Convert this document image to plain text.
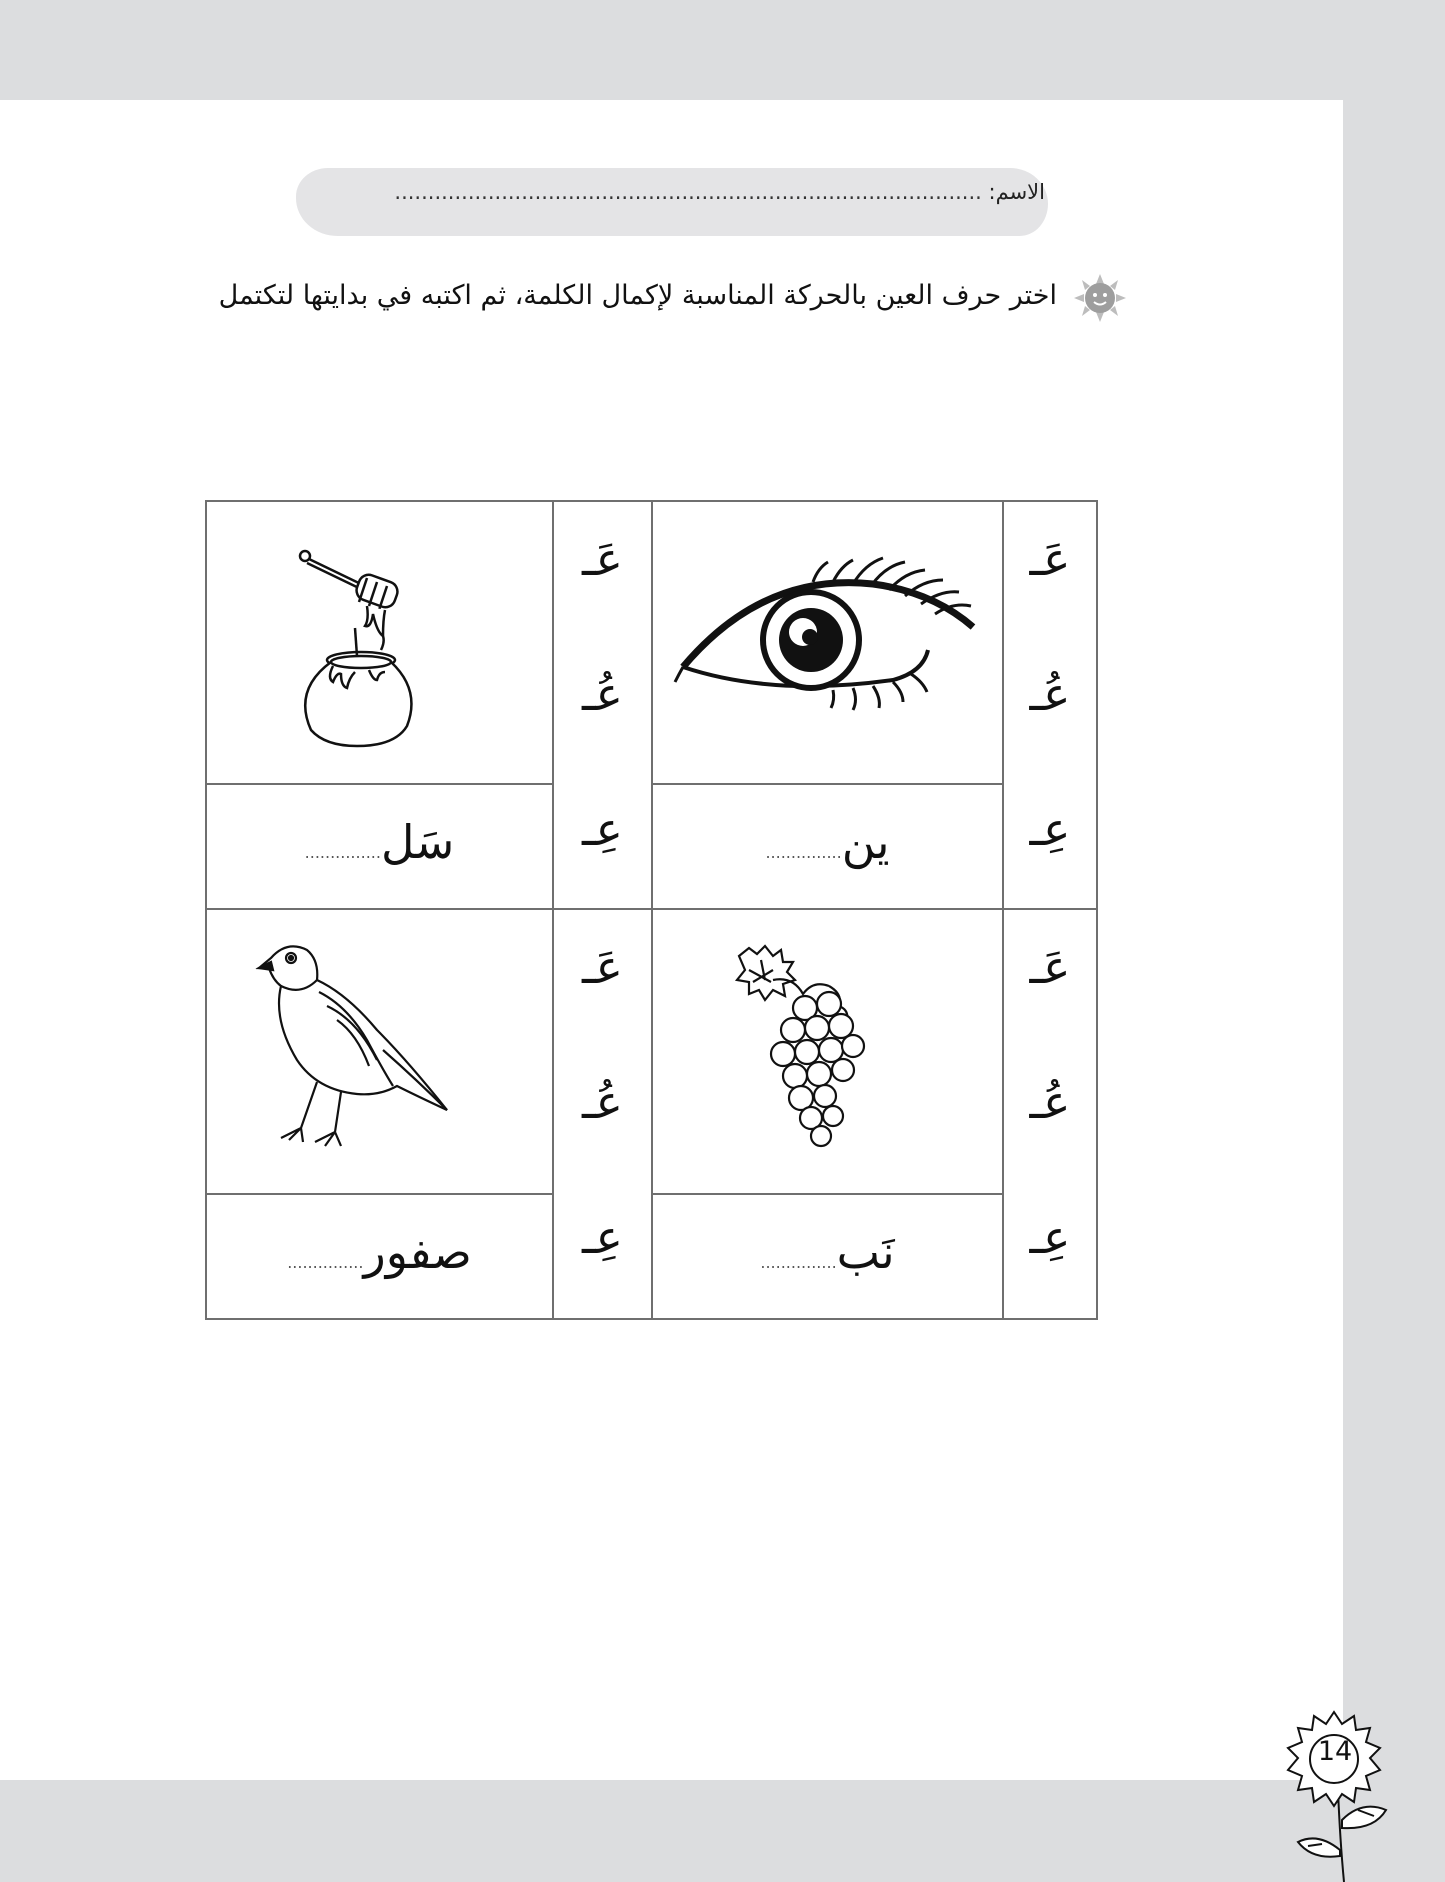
الاسم: ........................................................................................
اختر حرف العين بالحركة المناسبة لإكمال الكلمة، ثم اكتبه في بدايتها لتكتمل
عَـ
عُـ
عِـ
ين...............
عَـ
عُـ
عِـ
سَل...............
عَـ
عُـ
عِـ
نَب...............
عَـ
عُـ
عِـ
صفور...............
14
